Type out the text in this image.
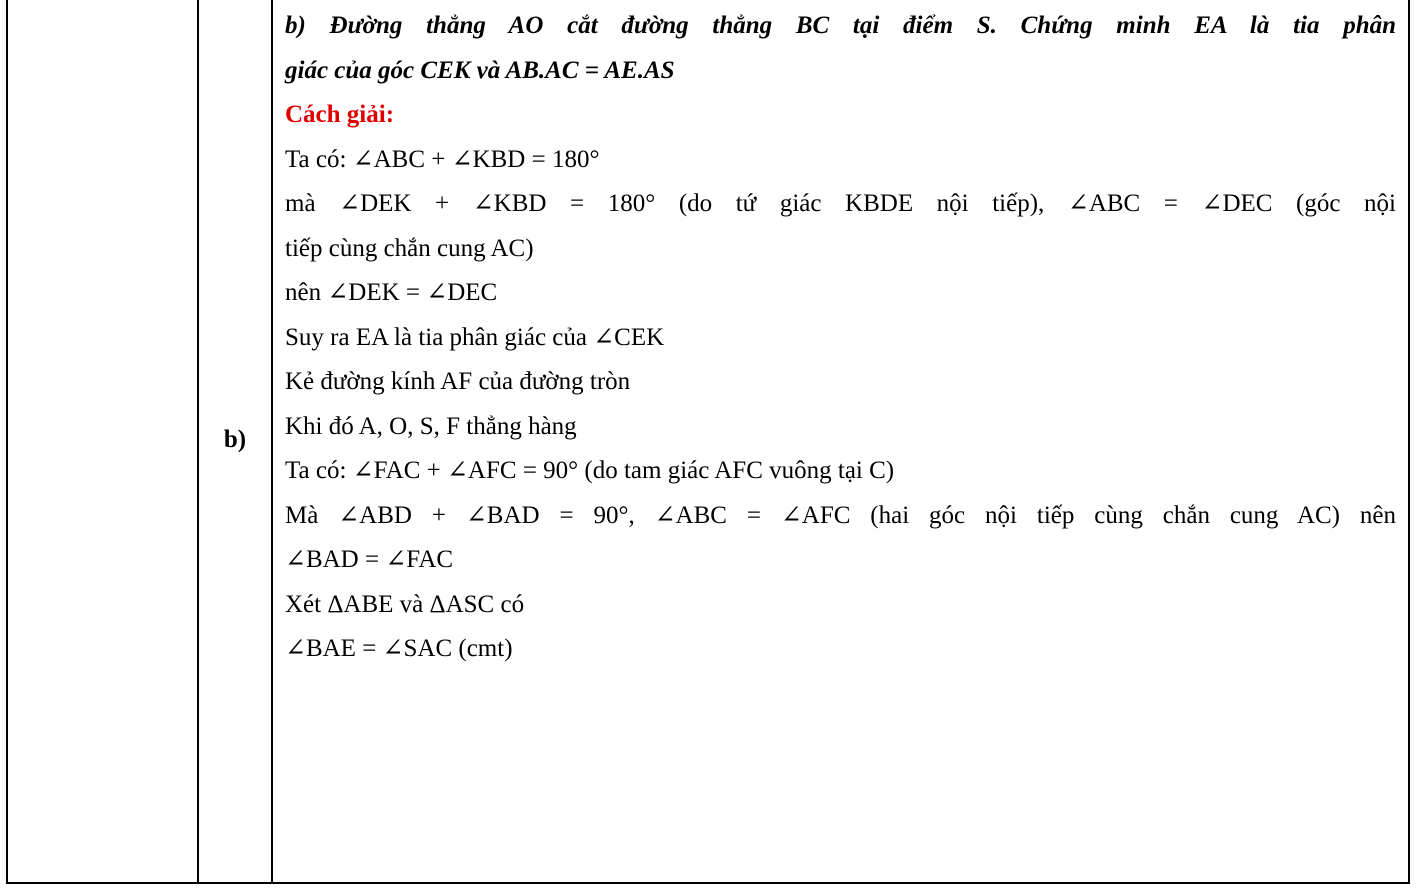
	b)	
b) Đường thẳng AO cắt đường thẳng BC tại điểm S. Chứng minh EA là tia phân
giác của góc CEK và AB.AC = AE.AS
Cách giải:
Ta có: ∠ABC + ∠KBD = 180°
mà ∠DEK + ∠KBD = 180° (do tứ giác KBDE nội tiếp), ∠ABC = ∠DEC (góc nội
tiếp cùng chắn cung AC)
nên ∠DEK = ∠DEC
Suy ra EA là tia phân giác của ∠CEK
Kẻ đường kính AF của đường tròn
Khi đó A, O, S, F thẳng hàng
Ta có: ∠FAC + ∠AFC = 90° (do tam giác AFC vuông tại C)
Mà ∠ABD + ∠BAD = 90°, ∠ABC = ∠AFC (hai góc nội tiếp cùng chắn cung AC) nên
∠BAD = ∠FAC
Xét ΔABE và ΔASC có
∠BAE = ∠SAC (cmt)
